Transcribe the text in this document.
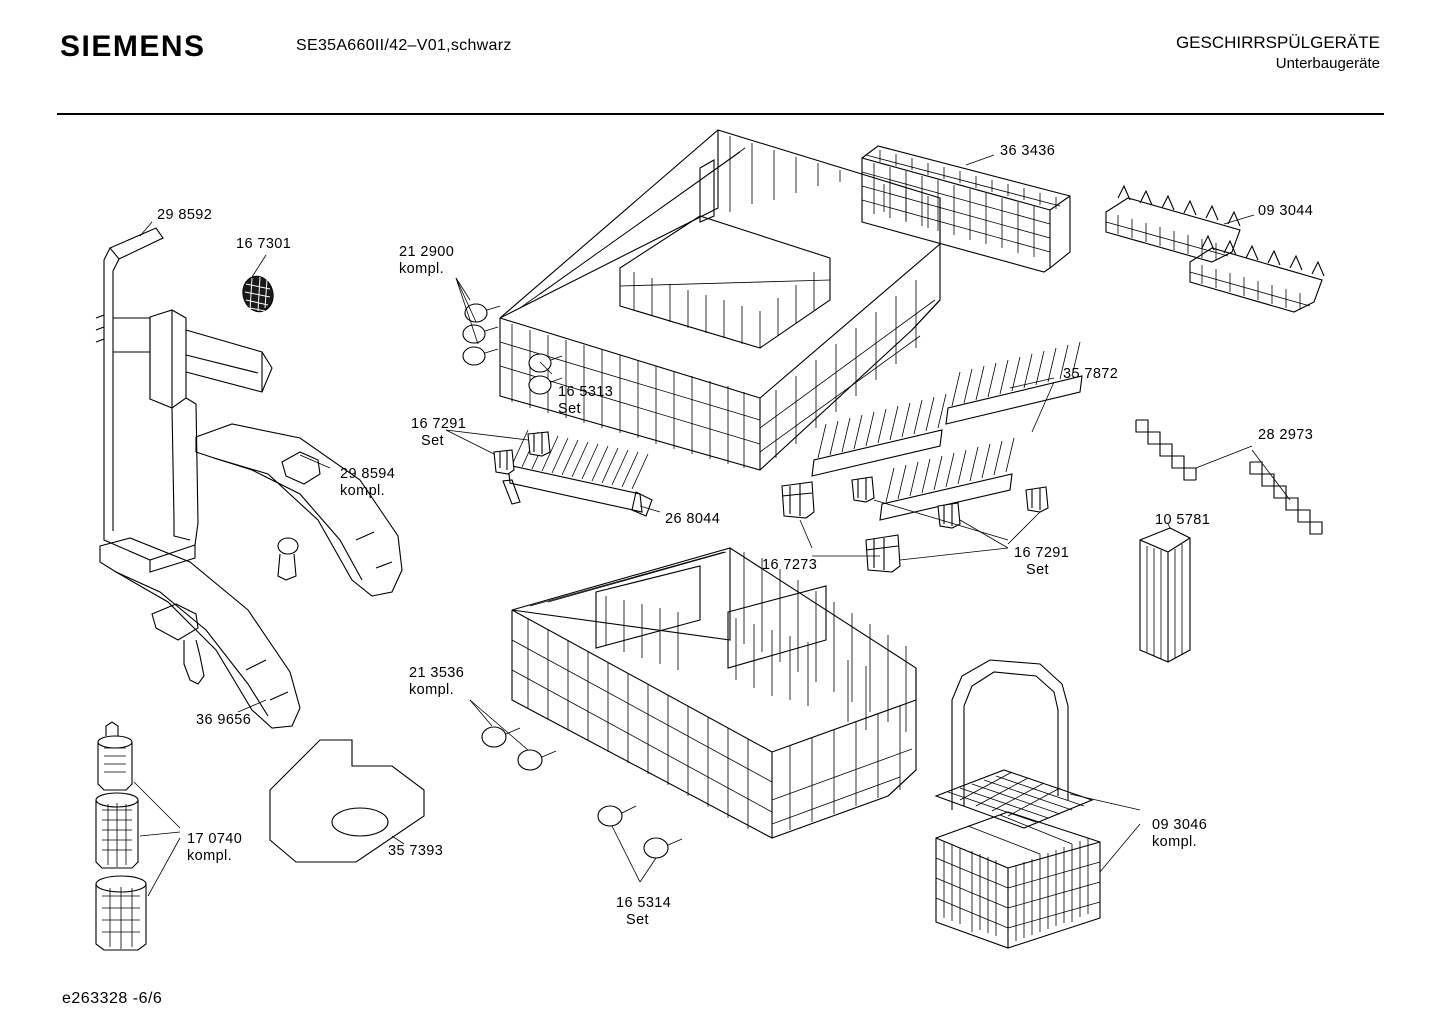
SIEMENS	SE35A660II/42–V01,schwarz	GESCHIRRSPÜLGERÄTE
Unterbaugeräte
e263328 -6/6
29 8592
16 7301	21 2900
kompl.
36 3436
09 3044
16 5313
Set
16 7291
Set
26 8044
35 7872
28 2973
10 5781
16 7273
16 7291
Set
29 8594
kompl.
36 9656
21 3536
kompl.
17 0740
kompl.	35 7393
16 5314
Set
09 3046
kompl.
